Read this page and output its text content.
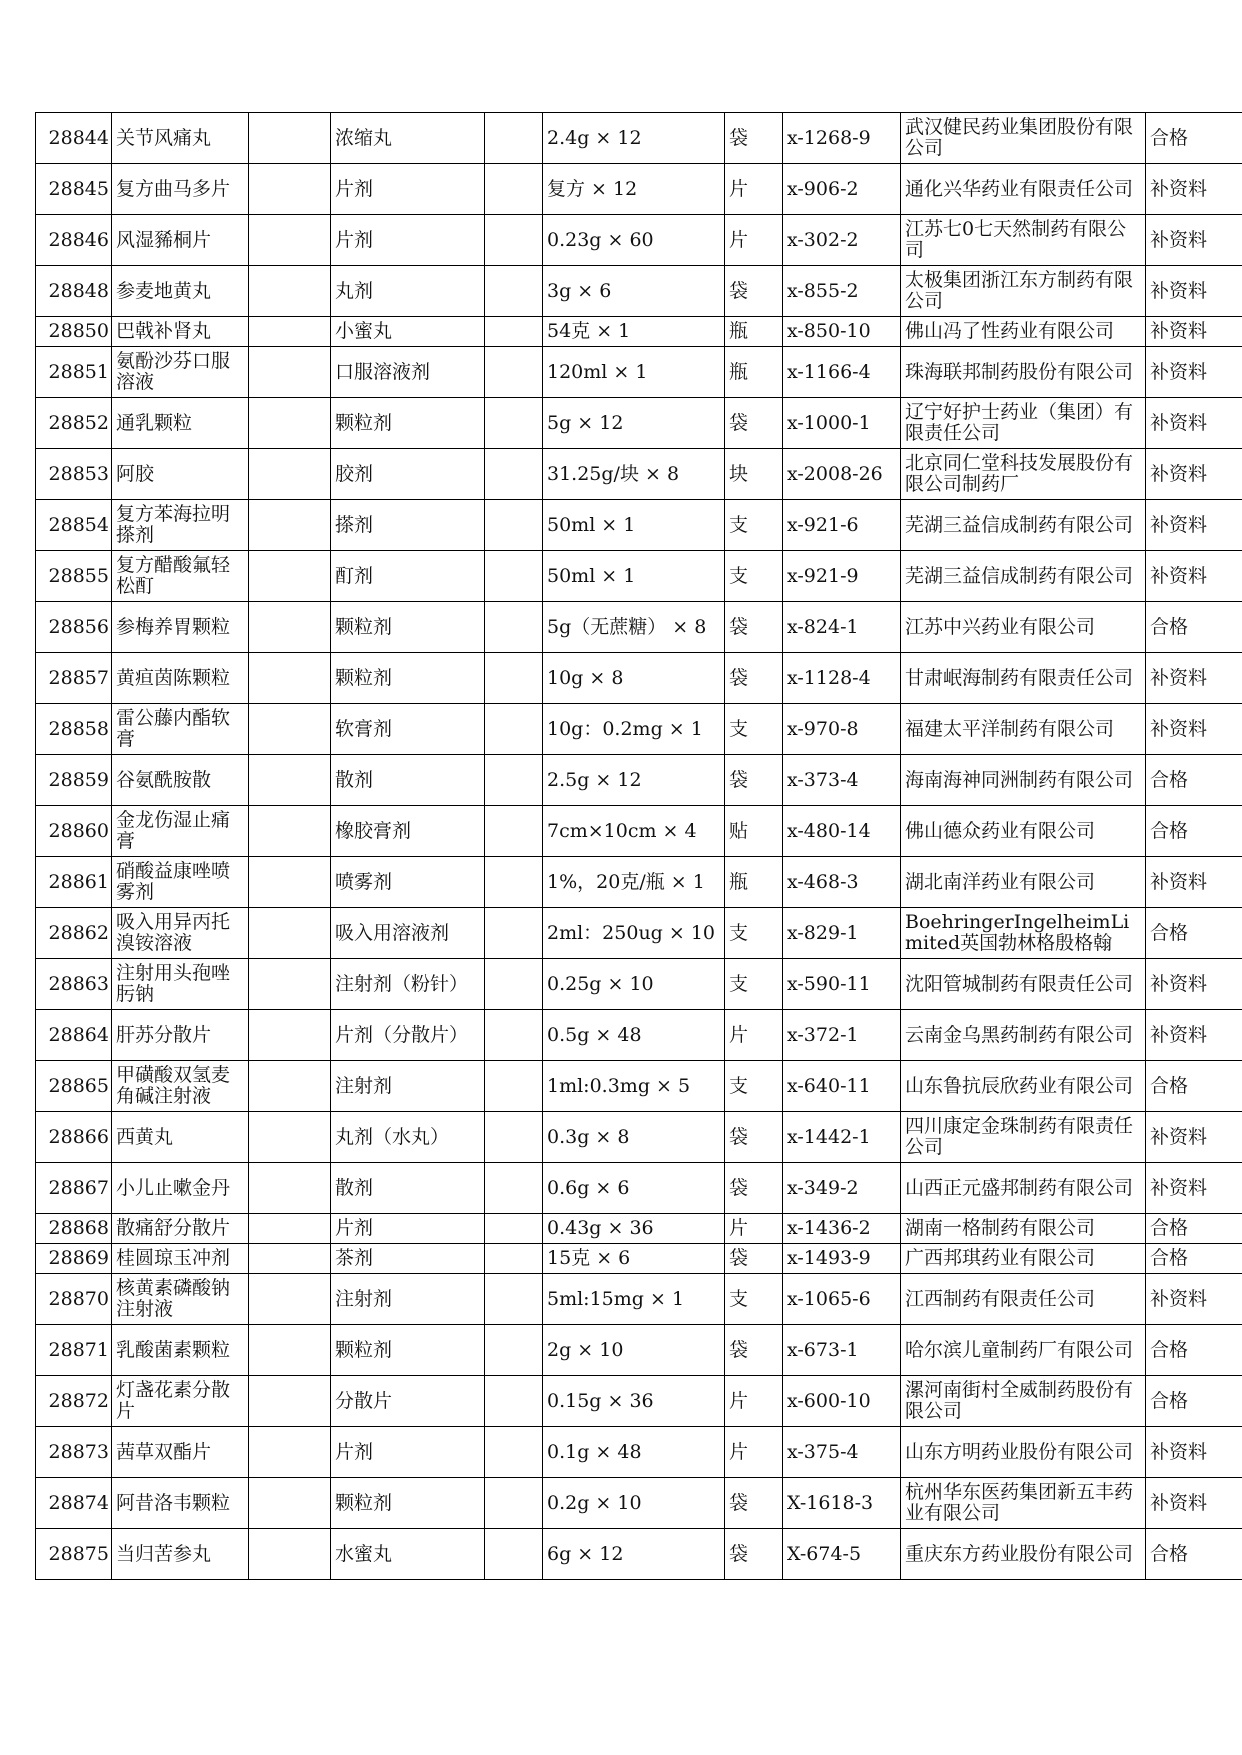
28844	关节风痛丸		浓缩丸		2.4g × 12	袋	x-1268-9	武汉健民药业集团股份有限公司	合格
28845	复方曲马多片		片剂		复方 × 12	片	x-906-2	通化兴华药业有限责任公司	补资料
28846	风湿豨桐片		片剂		0.23g × 60	片	x-302-2	江苏七0七天然制药有限公司	补资料
28848	参麦地黄丸		丸剂		3g × 6	袋	x-855-2	太极集团浙江东方制药有限公司	补资料
28850	巴戟补肾丸		小蜜丸		54克 × 1	瓶	x-850-10	佛山冯了性药业有限公司	补资料
28851	氨酚沙芬口服溶液		口服溶液剂		120ml × 1	瓶	x-1166-4	珠海联邦制药股份有限公司	补资料
28852	通乳颗粒		颗粒剂		5g × 12	袋	x-1000-1	辽宁好护士药业（集团）有限责任公司	补资料
28853	阿胶		胶剂		31.25g/块 × 8	块	x-2008-26	北京同仁堂科技发展股份有限公司制药厂	补资料
28854	复方苯海拉明搽剂		搽剂		50ml × 1	支	x-921-6	芜湖三益信成制药有限公司	补资料
28855	复方醋酸氟轻松酊		酊剂		50ml × 1	支	x-921-9	芜湖三益信成制药有限公司	补资料
28856	参梅养胃颗粒		颗粒剂		5g（无蔗糖） × 8	袋	x-824-1	江苏中兴药业有限公司	合格
28857	黄疸茵陈颗粒		颗粒剂		10g × 8	袋	x-1128-4	甘肃岷海制药有限责任公司	补资料
28858	雷公藤内酯软膏		软膏剂		10g：0.2mg × 1	支	x-970-8	福建太平洋制药有限公司	补资料
28859	谷氨酰胺散		散剂		2.5g × 12	袋	x-373-4	海南海神同洲制药有限公司	合格
28860	金龙伤湿止痛膏		橡胶膏剂		7cm×10cm × 4	贴	x-480-14	佛山德众药业有限公司	合格
28861	硝酸益康唑喷雾剂		喷雾剂		1%，20克/瓶 × 1	瓶	x-468-3	湖北南洋药业有限公司	补资料
28862	吸入用异丙托溴铵溶液		吸入用溶液剂		2ml：250ug × 10	支	x-829-1	BoehringerIngelheimLimited英国勃林格殷格翰	合格
28863	注射用头孢唑肟钠		注射剂（粉针）		0.25g × 10	支	x-590-11	沈阳管城制药有限责任公司	补资料
28864	肝苏分散片		片剂（分散片）		0.5g × 48	片	x-372-1	云南金乌黑药制药有限公司	补资料
28865	甲磺酸双氢麦角碱注射液		注射剂		1ml:0.3mg × 5	支	x-640-11	山东鲁抗辰欣药业有限公司	合格
28866	西黄丸		丸剂（水丸）		0.3g × 8	袋	x-1442-1	四川康定金珠制药有限责任公司	补资料
28867	小儿止嗽金丹		散剂		0.6g × 6	袋	x-349-2	山西正元盛邦制药有限公司	补资料
28868	散痛舒分散片		片剂		0.43g × 36	片	x-1436-2	湖南一格制药有限公司	合格
28869	桂圆琼玉冲剂		茶剂		15克 × 6	袋	x-1493-9	广西邦琪药业有限公司	合格
28870	核黄素磷酸钠注射液		注射剂		5ml:15mg × 1	支	x-1065-6	江西制药有限责任公司	补资料
28871	乳酸菌素颗粒		颗粒剂		2g × 10	袋	x-673-1	哈尔滨儿童制药厂有限公司	合格
28872	灯盏花素分散片		分散片		0.15g × 36	片	x-600-10	漯河南街村全威制药股份有限公司	合格
28873	茜草双酯片		片剂		0.1g × 48	片	x-375-4	山东方明药业股份有限公司	补资料
28874	阿昔洛韦颗粒		颗粒剂		0.2g × 10	袋	X-1618-3	杭州华东医药集团新五丰药业有限公司	补资料
28875	当归苦参丸		水蜜丸		6g × 12	袋	X-674-5	重庆东方药业股份有限公司	合格
